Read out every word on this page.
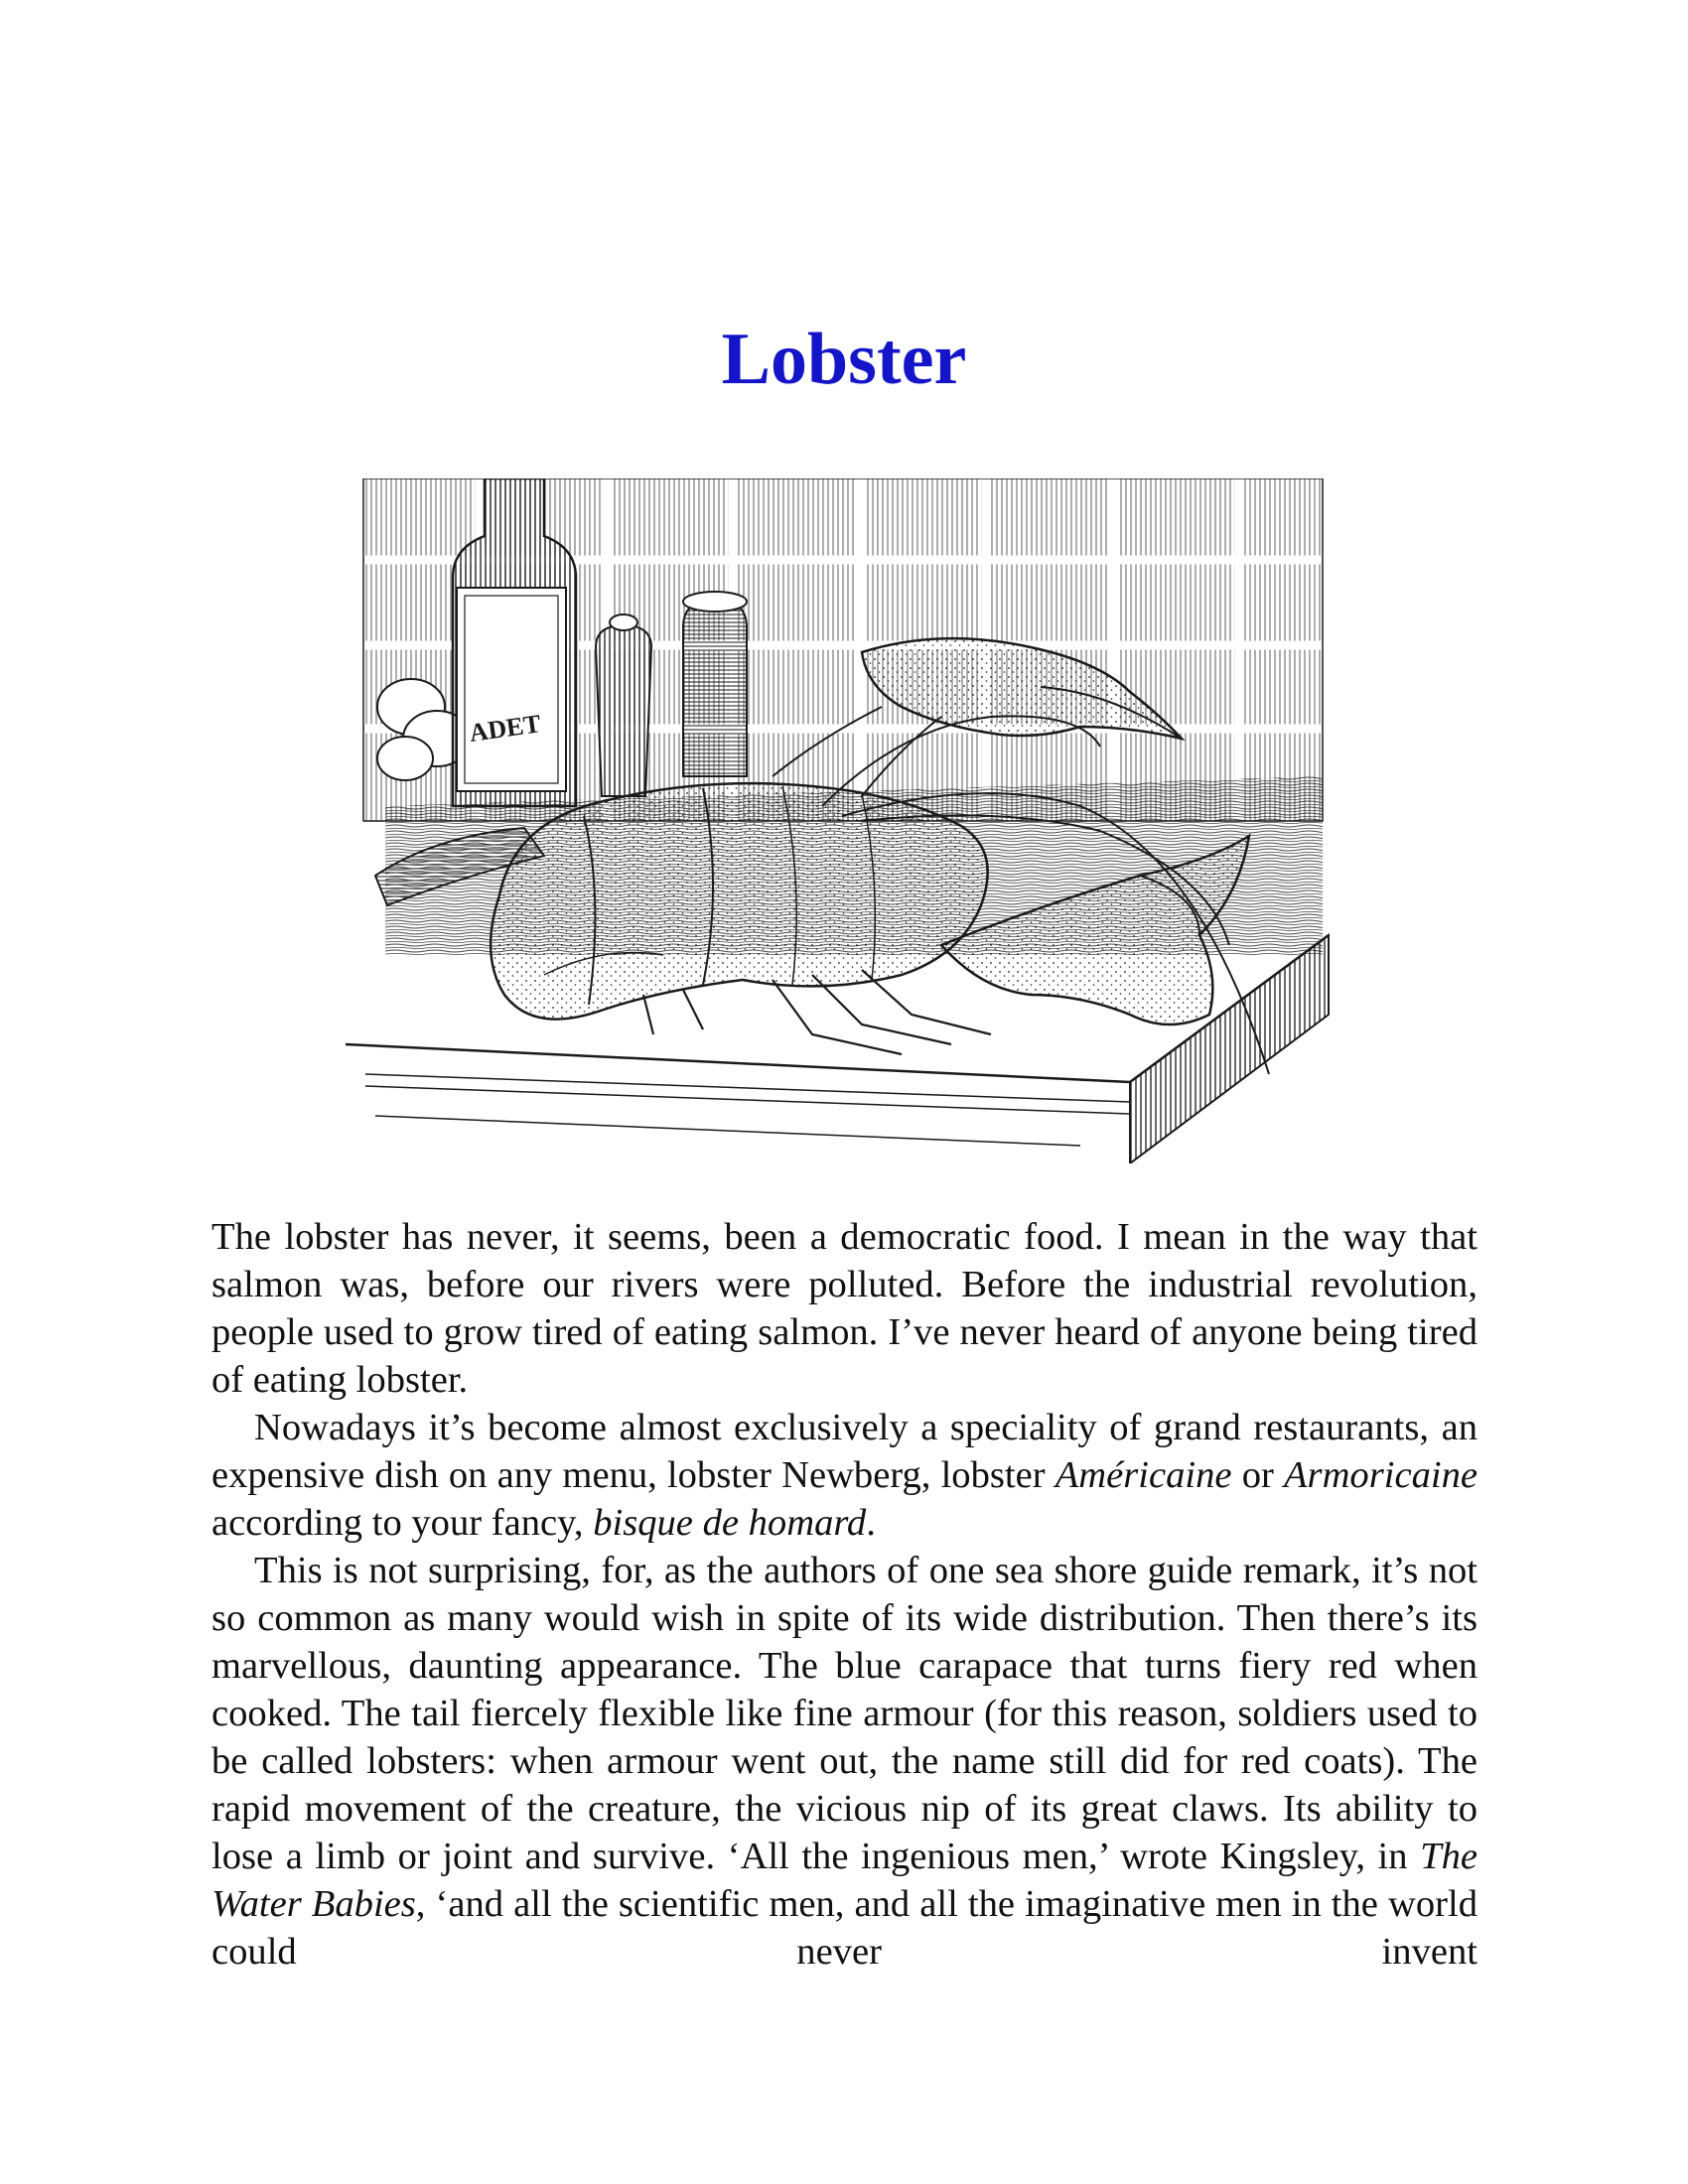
Lobster
ADET

The lobster has never, it seems, been a democratic food. I mean in the way that salmon was, before our rivers were polluted. Before the industrial revolution, people used to grow tired of eating salmon. I’ve never heard of anyone being tired of eating lobster.

Nowadays it’s become almost exclusively a speciality of grand restaurants, an expensive dish on any menu, lobster Newberg, lobster Américaine or Armoricaine according to your fancy, bisque de homard.

This is not surprising, for, as the authors of one sea shore guide remark, it’s not so common as many would wish in spite of its wide distribution. Then there’s its marvellous, daunting appearance. The blue carapace that turns fiery red when cooked. The tail fiercely flexible like fine armour (for this reason, soldiers used to be called lobsters: when armour went out, the name still did for red coats). The rapid movement of the creature, the vicious nip of its great claws. Its ability to lose a limb or joint and survive. ‘All the ingenious men,’ wrote Kingsley, in The Water Babies, ‘and all the scientific men, and all the imaginative men in the world could never invent
